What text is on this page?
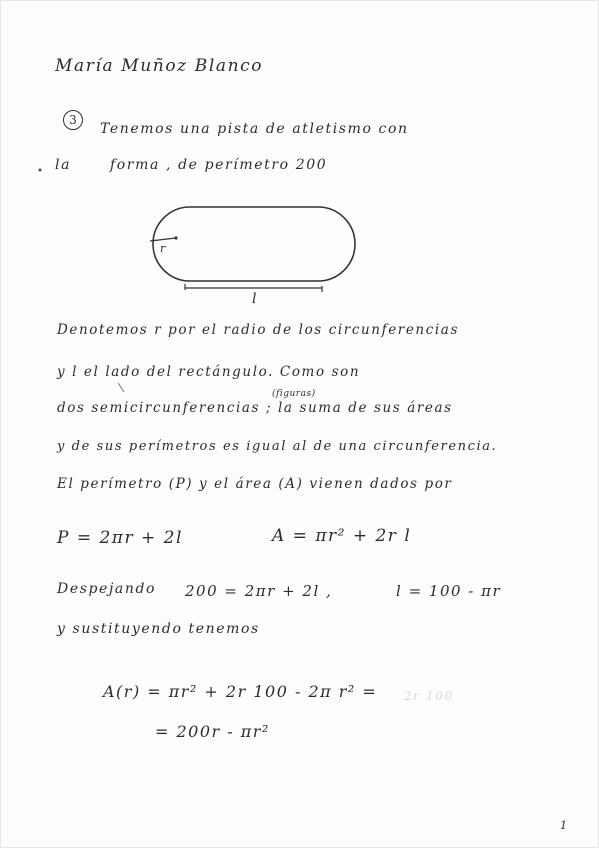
María Muñoz Blanco
3
Tenemos una pista de atletismo con
la	forma , de perímetro 200
r
l
Denotemos r por el radio de los circunferencias
y l el lado del rectángulo. Como son
(figuras)
dos semicircunferencias ; la suma de sus áreas
y de sus perímetros es igual al de una circunferencia.
El perímetro (P) y el área (A) vienen dados por
P = 2πr + 2l	A = πr² + 2r l
Despejando 200 = 2πr + 2l ,	l = 100 - πr
y sustituyendo tenemos
A(r) = πr² + 2r 100 - 2π r² = 2r 100
= 200r - πr²
1
